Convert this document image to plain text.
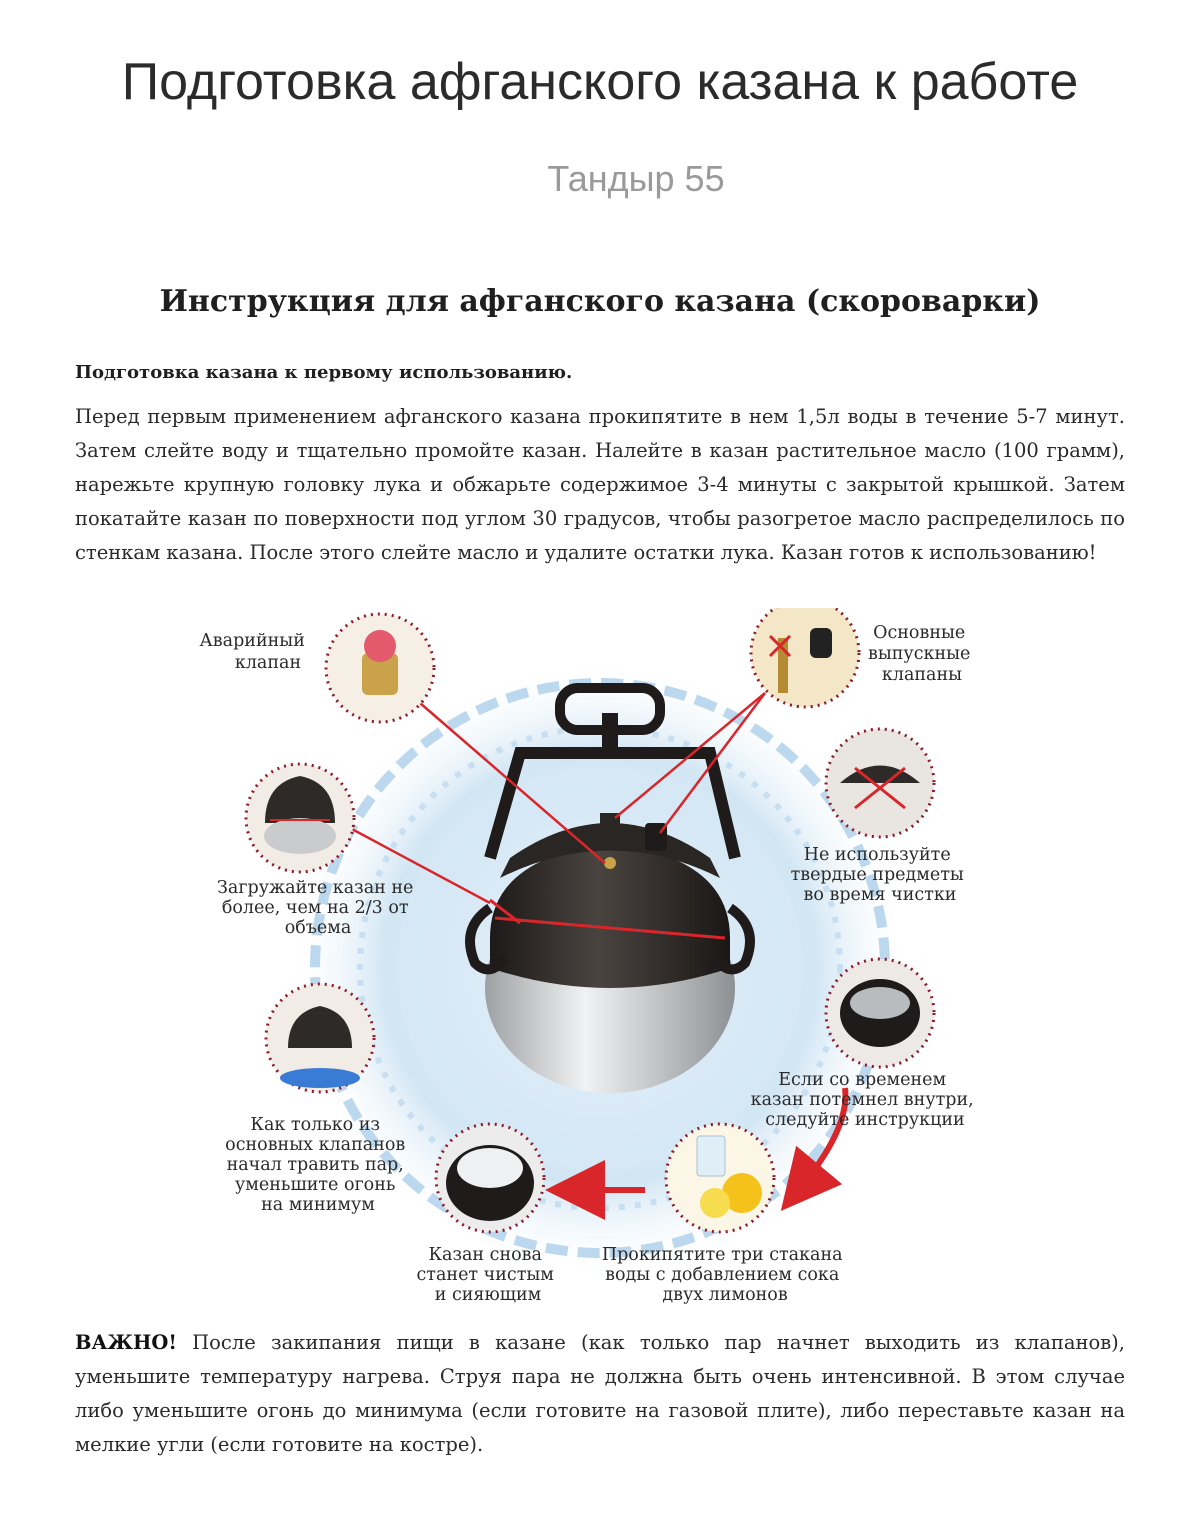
Подготовка афганского казана к работе
Тандыр 55
Инструкция для афганского казана (скороварки)
Подготовка казана к первому использованию.

Перед первым применением афганского казана прокипятите в нем 1,5л воды в течение 5-7 минут. Затем слейте воду и тщательно промойте казан. Налейте в казан растительное масло (100 грамм), нарежьте крупную головку лука и обжарьте содержимое 3-4 минуты с закрытой крышкой. Затем покатайте казан по поверхности под углом 30 градусов, чтобы разогретое масло распределилось по стенкам казана. После этого слейте масло и удалите остатки лука. Казан готов к использованию!

Аварийный клапан
Основные выпускные клапаны
Загружайте казан не более, чем на 2/3 от объема
Не используйте твердые предметы во время чистки
Как только из основных клапанов начал травить пар, уменьшите огонь на минимум
Если со временем казан потемнел внутри, следуйте инструкции
Казан снова станет чистым и сияющим
Прокипятите три стакана воды с добавлением сока двух лимонов

ВАЖНО! После закипания пищи в казане (как только пар начнет выходить из клапанов), уменьшите температуру нагрева. Струя пара не должна быть очень интенсивной. В этом случае либо уменьшите огонь до минимума (если готовите на газовой плите), либо переставьте казан на мелкие угли (если готовите на костре).
